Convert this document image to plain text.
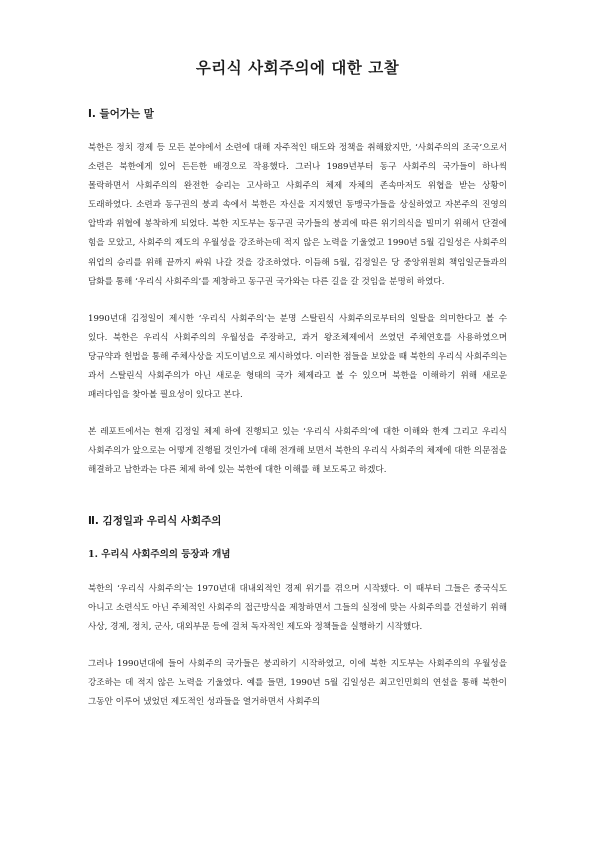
우리식 사회주의에 대한 고찰
Ⅰ. 들어가는 말

북한은 정치 경제 등 모든 분야에서 소련에 대해 자주적인 태도와 정책을 취해왔지만, ‘사회주의의 조국’으로서 소련은 북한에게 있어 든든한 배경으로 작용했다. 그러나 1989년부터 동구 사회주의 국가들이 하나씩 몰락하면서 사회주의의 완전한 승리는 고사하고 사회주의 체제 자체의 존속마저도 위협을 받는 상황이 도래하였다. 소련과 동구권의 붕괴 속에서 북한은 자신을 지지했던 동맹국가들을 상실하였고 자본주의 진영의 압박과 위협에 봉착하게 되었다. 북한 지도부는 동구권 국가들의 붕괴에 따른 위기의식을 빌미기 위해서 단결에 힘을 모았고, 사회주의 제도의 우월성을 강조하는데 적지 않은 노력을 기울였고 1990년 5월 김일성은 사회주의 위업의 승리를 위해 끝까지 싸워 나갈 것을 강조하였다. 이듬해 5월, 김정일은 당 중앙위원회 책임일군들과의 담화를 통해 ‘우리식 사회주의’를 제창하고 동구권 국가와는 다른 길을 갈 것임을 분명히 하였다.

1990년대 김정일이 제시한 ‘우리식 사회주의’는 분명 스탈린식 사회주의로부터의 일탈을 의미한다고 볼 수 있다. 북한은 우리식 사회주의의 우월성을 주장하고, 과거 왕조체제에서 쓰였던 주체연호를 사용하였으며 당규약과 헌법을 통해 주체사상을 지도이념으로 제시하였다. 이러한 점들을 보았을 때 북한의 우리식 사회주의는 과서 스탈린식 사회주의가 아닌 새로운 형태의 국가 체제라고 볼 수 있으며 북한을 이해하기 위해 새로운 패러다임을 찾아볼 필요성이 있다고 본다.

본 레포트에서는 현재 김정일 체제 하에 진행되고 있는 ‘우리식 사회주의’에 대한 이해와 한계 그리고 우리식 사회주의가 앞으로는 어떻게 진행될 것인가에 대해 전개해 보면서 북한의 우리식 사회주의 체제에 대한 의문점을 해결하고 남한과는 다른 체제 하에 있는 북한에 대한 이해를 해 보도록고 하겠다.

Ⅱ. 김정일과 우리식 사회주의
1. 우리식 사회주의의 등장과 개념

북한의 ‘우리식 사회주의’는 1970년대 대내외적인 경제 위기를 겪으며 시작됐다. 이 때부터 그들은 중국식도 아니고 소련식도 아닌 주체적인 사회주의 접근방식을 제창하면서 그들의 실정에 맞는 사회주의를 건설하기 위해 사상, 경제, 정치, 군사, 대외부문 등에 걸쳐 독자적인 제도와 정책들을 실행하기 시작했다.

그러나 1990년대에 들어 사회주의 국가들은 붕괴하기 시작하였고, 이에 북한 지도부는 사회주의의 우월성을 강조하는 데 적지 않은 노력을 기울였다. 예를 들면, 1990년 5월 김일성은 최고인민회의 연설을 통해 북한이 그동안 이루어 냈었던 제도적인 성과들을 열거하면서 사회주의
